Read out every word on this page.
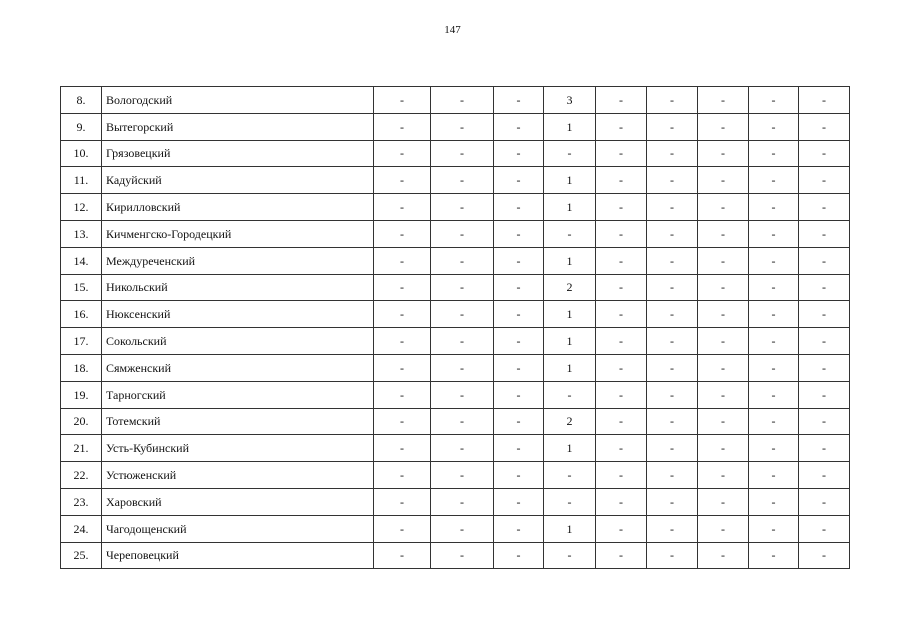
147
8.	Вологодский	-	-	-	3	-	-	-	-	-
9.	Вытегорский	-	-	-	1	-	-	-	-	-
10.	Грязовецкий	-	-	-	-	-	-	-	-	-
11.	Кадуйский	-	-	-	1	-	-	-	-	-
12.	Кирилловский	-	-	-	1	-	-	-	-	-
13.	Кичменгско-Городецкий	-	-	-	-	-	-	-	-	-
14.	Междуреченский	-	-	-	1	-	-	-	-	-
15.	Никольский	-	-	-	2	-	-	-	-	-
16.	Нюксенский	-	-	-	1	-	-	-	-	-
17.	Сокольский	-	-	-	1	-	-	-	-	-
18.	Сямженский	-	-	-	1	-	-	-	-	-
19.	Тарногский	-	-	-	-	-	-	-	-	-
20.	Тотемский	-	-	-	2	-	-	-	-	-
21.	Усть-Кубинский	-	-	-	1	-	-	-	-	-
22.	Устюженский	-	-	-	-	-	-	-	-	-
23.	Харовский	-	-	-	-	-	-	-	-	-
24.	Чагодощенский	-	-	-	1	-	-	-	-	-
25.	Череповецкий	-	-	-	-	-	-	-	-	-
